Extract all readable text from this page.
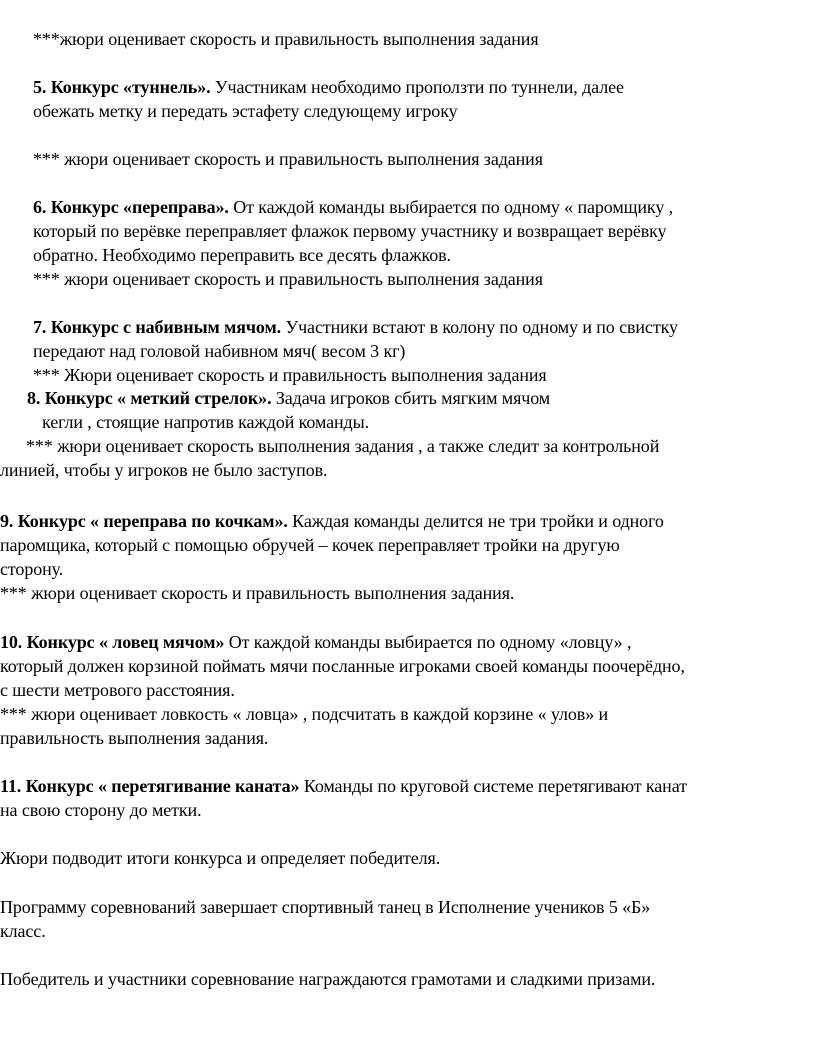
***жюри оценивает скорость и правильность выполнения задания
5. Конкурс «туннель». Участникам необходимо проползти по туннели, далее
обежать метку и передать эстафету следующему игроку
*** жюри оценивает скорость и правильность выполнения задания
6. Конкурс «переправа». От каждой команды выбирается по одному « паромщику ,
который по верёвке переправляет флажок первому участнику и возвращает верёвку
обратно. Необходимо переправить все десять флажков.
*** жюри оценивает скорость и правильность выполнения задания
7. Конкурс с набивным мячом. Участники встают в колону по одному и по свистку
передают над головой набивном мяч( весом 3 кг)
*** Жюри оценивает скорость и правильность выполнения задания
8. Конкурс « меткий стрелок». Задача игроков сбить мягким мячом
кегли , стоящие напротив каждой команды.
*** жюри оценивает скорость выполнения задания , а также следит за контрольной
линией, чтобы у игроков не было заступов.
9. Конкурс « переправа по кочкам». Каждая команды делится не три тройки и одного
паромщика, который с помощью обручей – кочек переправляет тройки на другую
сторону.
*** жюри оценивает скорость и правильность выполнения задания.
10. Конкурс « ловец мячом» От каждой команды выбирается по одному «ловцу» ,
который должен корзиной поймать мячи посланные игроками своей команды поочерёдно,
с шести метрового расстояния.
*** жюри оценивает ловкость « ловца» , подсчитать в каждой корзине « улов» и
правильность выполнения задания.
11. Конкурс « перетягивание каната» Команды по круговой системе перетягивают канат
на свою сторону до метки.
Жюри подводит итоги конкурса и определяет победителя.
Программу соревнований завершает спортивный танец в Исполнение учеников 5 «Б»
класс.
Победитель и участники соревнование награждаются грамотами и сладкими призами.
